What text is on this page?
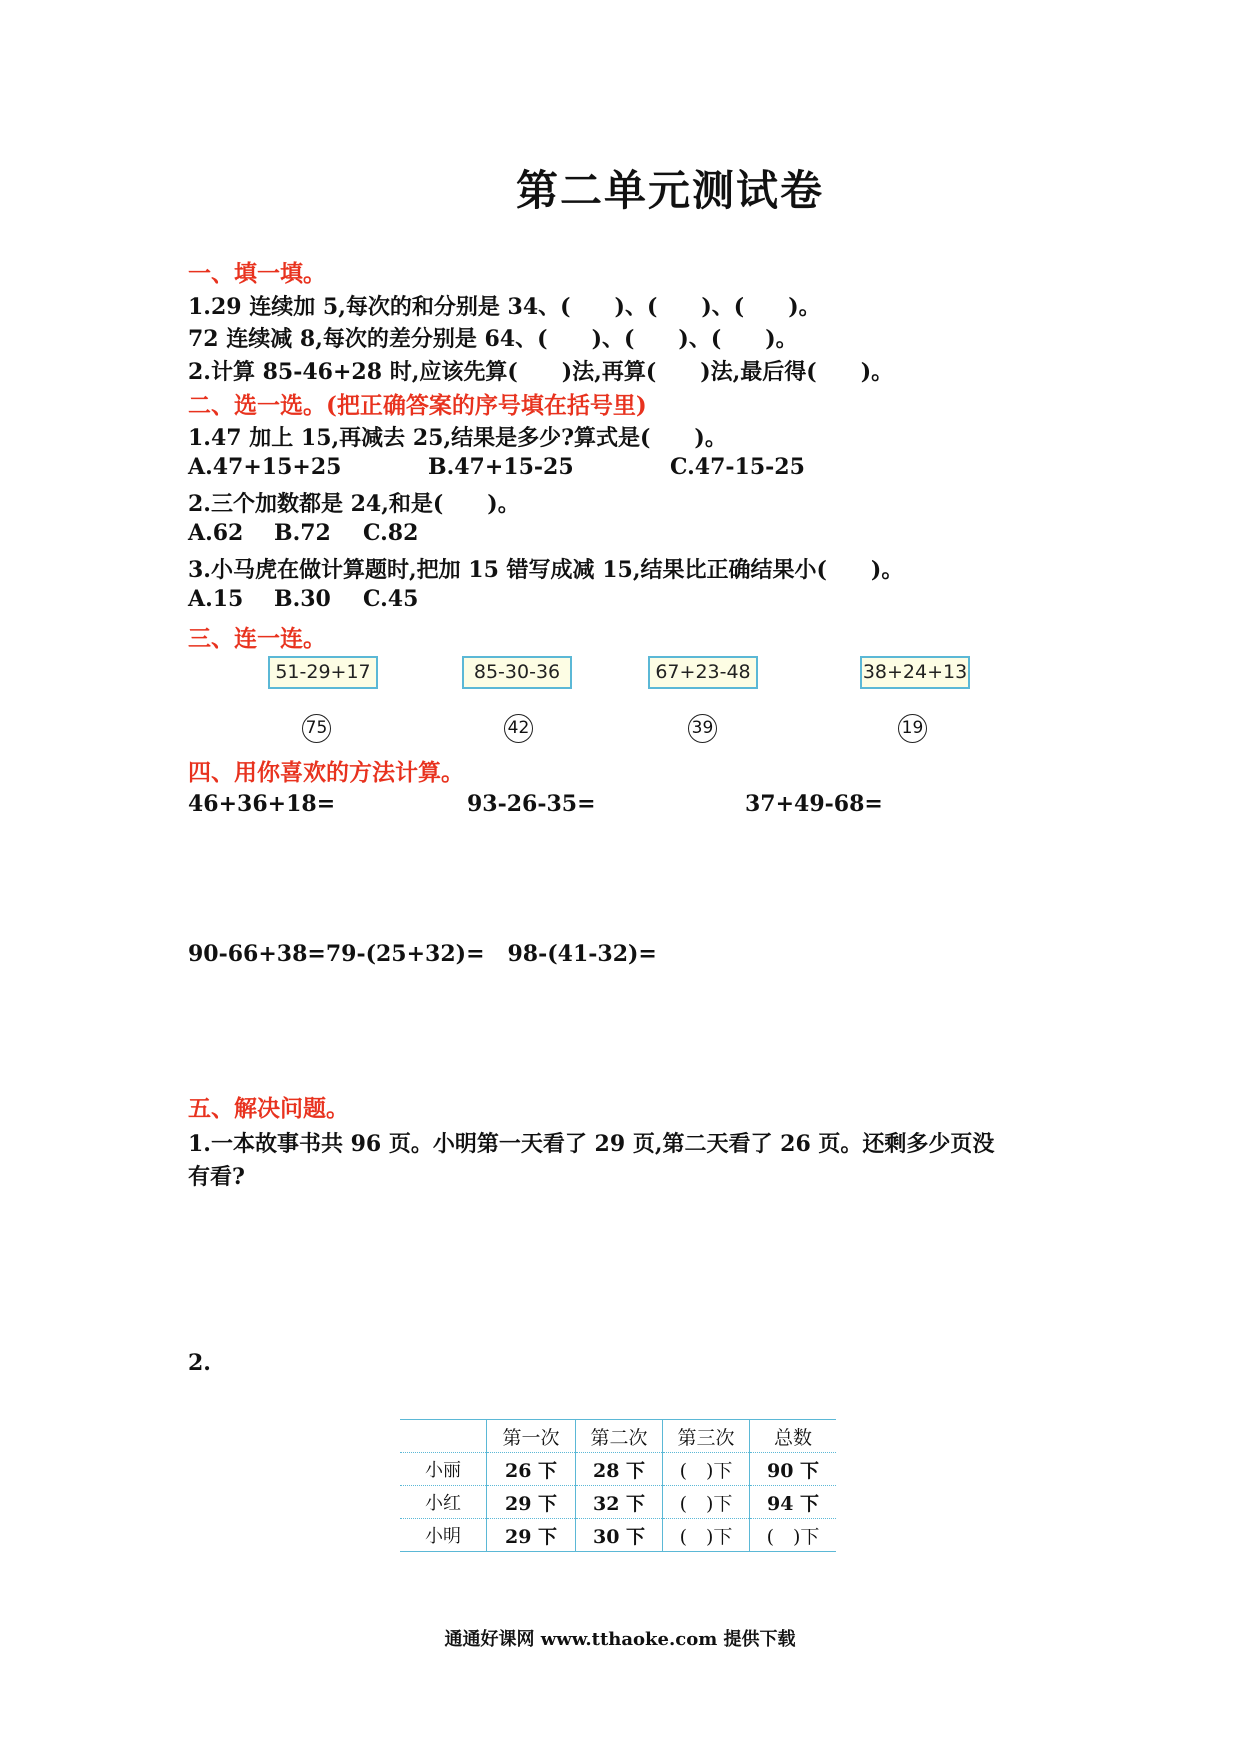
第二单元测试卷
一、填一填。
1.29 连续加 5,每次的和分别是 34、(　　)、(　　)、(　　)。
72 连续减 8,每次的差分别是 64、(　　)、(　　)、(　　)。
2.计算 85-46+28 时,应该先算(　　)法,再算(　　)法,最后得(　　)。
二、选一选。(把正确答案的序号填在括号里)
1.47 加上 15,再减去 25,结果是多少?算式是(　　)。
A.47+15+25	B.47+15-25	C.47-15-25
2.三个加数都是 24,和是(　　)。
A.62 B.72 C.82
3.小马虎在做计算题时,把加 15 错写成减 15,结果比正确结果小(　　)。
A.15 B.30 C.45
三、连一连。
51-29+17	85-30-36	67+23-48	38+24+13
75	42	39	19
四、用你喜欢的方法计算。
46+36+18=	93-26-35=	37+49-68=
90-66+38=79-(25+32)=   98-(41-32)=
五、解决问题。
1.一本故事书共 96 页。小明第一天看了 29 页,第二天看了 26 页。还剩多少页没
有看?
2.
	第一次	第二次	第三次	总数
小丽	26 下	28 下	(　)下	90 下
小红	29 下	32 下	(　)下	94 下
小明	29 下	30 下	(　)下	(　)下
通通好课网 www.tthaoke.com 提供下载
